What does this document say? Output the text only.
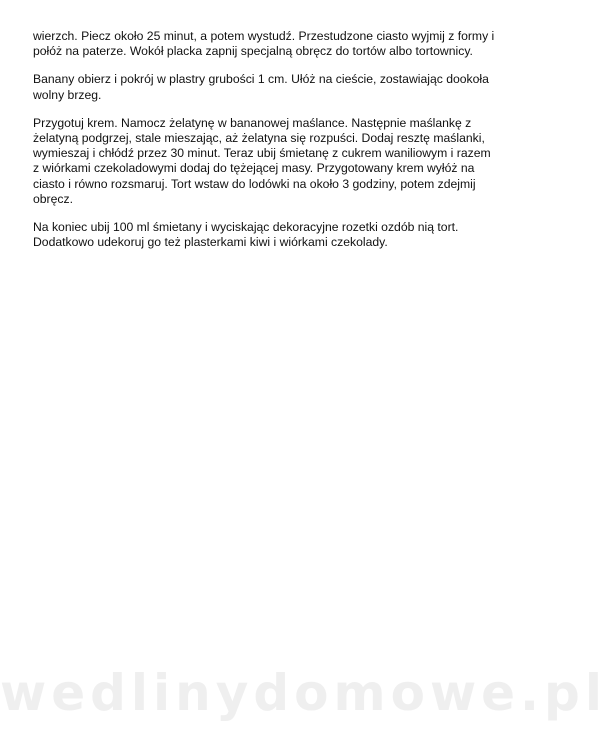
wierzch. Piecz około 25 minut, a potem wystudź. Przestudzone ciasto wyjmij z formy i połóż na paterze. Wokół placka zapnij specjalną obręcz do tortów albo tortownicy.

Banany obierz i pokrój w plastry grubości 1 cm. Ułóż na cieście, zostawiając dookoła wolny brzeg.

Przygotuj krem. Namocz żelatynę w bananowej maślance. Następnie maślankę z żelatyną podgrzej, stale mieszając, aż żelatyna się rozpuści. Dodaj resztę maślanki, wymieszaj i chłódź przez 30 minut. Teraz ubij śmietanę z cukrem waniliowym i razem z wiórkami czekoladowymi dodaj do tężejącej masy. Przygotowany krem wyłóż na ciasto i równo rozsmaruj. Tort wstaw do lodówki na około 3 godziny, potem zdejmij obręcz.

Na koniec ubij 100 ml śmietany i wyciskając dekoracyjne rozetki ozdób nią tort. Dodatkowo udekoruj go też plasterkami kiwi i wiórkami czekolady.

wedlinydomowe.pl
